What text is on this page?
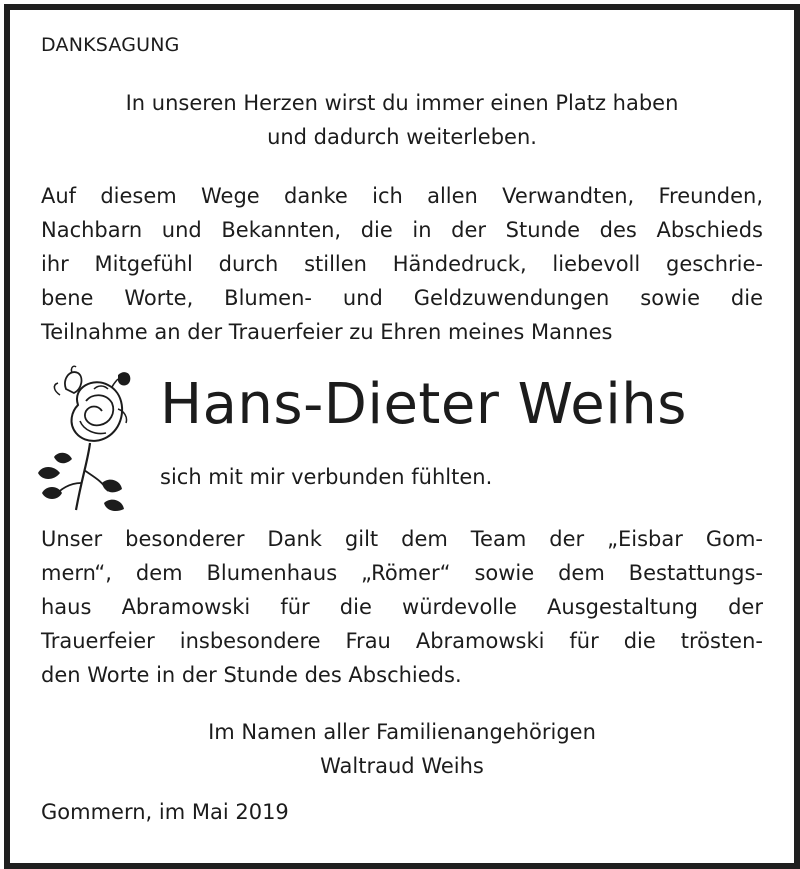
DANKSAGUNG
In unseren Herzen wirst du immer einen Platz haben
und dadurch weiterleben.
Auf diesem Wege danke ich allen Verwandten, Freunden,
Nachbarn und Bekannten, die in der Stunde des Abschieds
ihr Mitgefühl durch stillen Händedruck, liebevoll geschrie-
bene Worte, Blumen- und Geldzuwendungen sowie die
Teilnahme an der Trauerfeier zu Ehren meines Mannes
Hans-Dieter Weihs
sich mit mir verbunden fühlten.
Unser besonderer Dank gilt dem Team der „Eisbar Gom-
mern“, dem Blumenhaus „Römer“ sowie dem Bestattungs-
haus Abramowski für die würdevolle Ausgestaltung der
Trauerfeier insbesondere Frau Abramowski für die trösten-
den Worte in der Stunde des Abschieds.
Im Namen aller Familienangehörigen
Waltraud Weihs
Gommern, im Mai 2019
